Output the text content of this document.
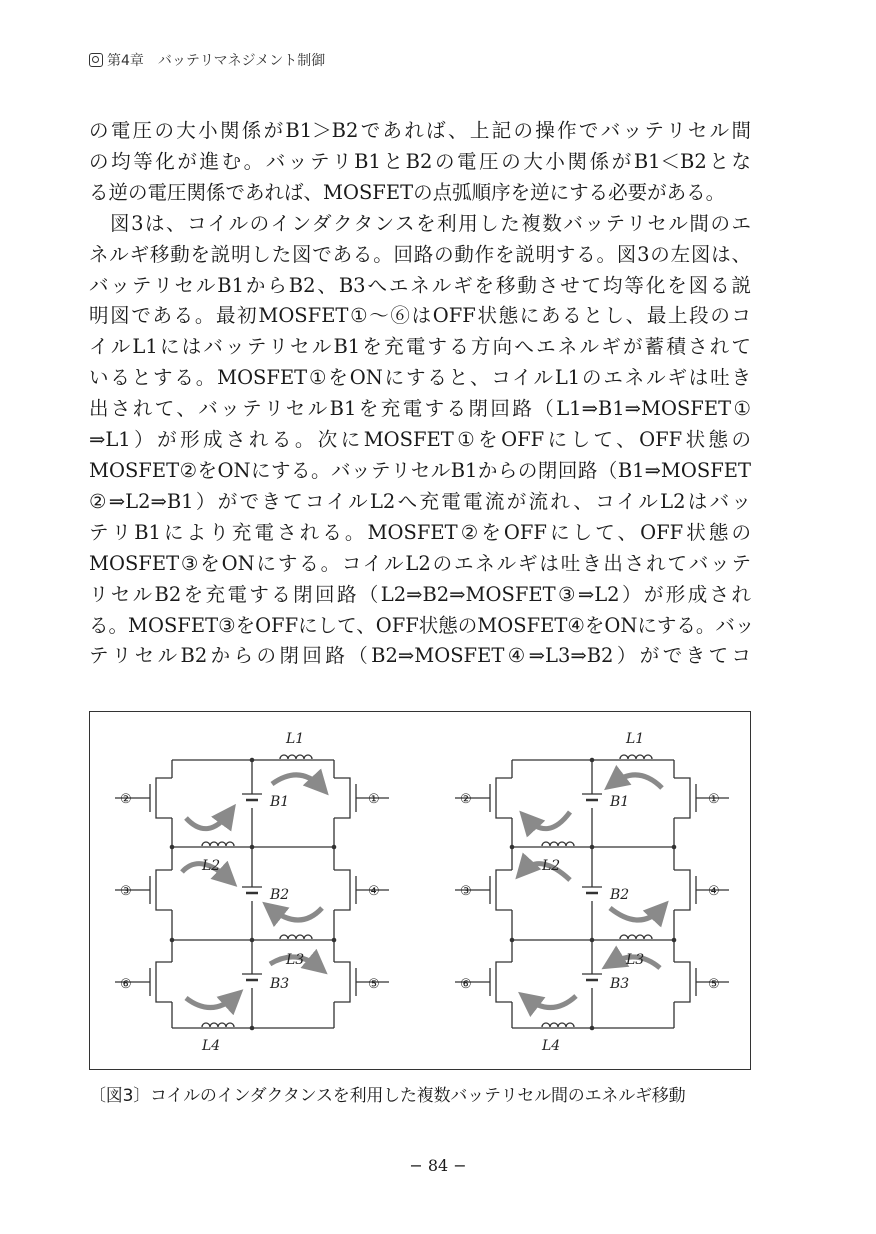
第4章 バッテリマネジメント制御
の電圧の大小関係がB1＞B2であれば、上記の操作でバッテリセル間
の均等化が進む。バッテリB1とB2の電圧の大小関係がB1＜B2とな
る逆の電圧関係であれば、MOSFETの点弧順序を逆にする必要がある。
　図3は、コイルのインダクタンスを利用した複数バッテリセル間のエ
ネルギ移動を説明した図である。回路の動作を説明する。図3の左図は、
バッテリセルB1からB2、B3へエネルギを移動させて均等化を図る説
明図である。最初MOSFET①〜⑥はOFF状態にあるとし、最上段のコ
イルL1にはバッテリセルB1を充電する方向へエネルギが蓄積されて
いるとする。MOSFET①をONにすると、コイルL1のエネルギは吐き
出されて、バッテリセルB1を充電する閉回路（L1⇒B1⇒MOSFET①
⇒L1）が形成される。次にMOSFET①をOFFにして、OFF状態の
MOSFET②をONにする。バッテリセルB1からの閉回路（B1⇒MOSFET
②⇒L2⇒B1）ができてコイルL2へ充電電流が流れ、コイルL2はバッ
テリB1により充電される。MOSFET②をOFFにして、OFF状態の
MOSFET③をONにする。コイルL2のエネルギは吐き出されてバッテ
リセルB2を充電する閉回路（L2⇒B2⇒MOSFET③⇒L2）が形成され
る。MOSFET③をOFFにして、OFF状態のMOSFET④をONにする。バッ
テリセルB2からの閉回路（B2⇒MOSFET④⇒L3⇒B2）ができてコ
L1
L2
L3
L4
B1
B2
B3
①
②
③	④
⑤
⑥
L1
L2
L3
L4
B1
B2
B3
①
②
③	④
⑤
⑥
〔図3〕コイルのインダクタンスを利用した複数バッテリセル間のエネルギ移動
− 84 −
